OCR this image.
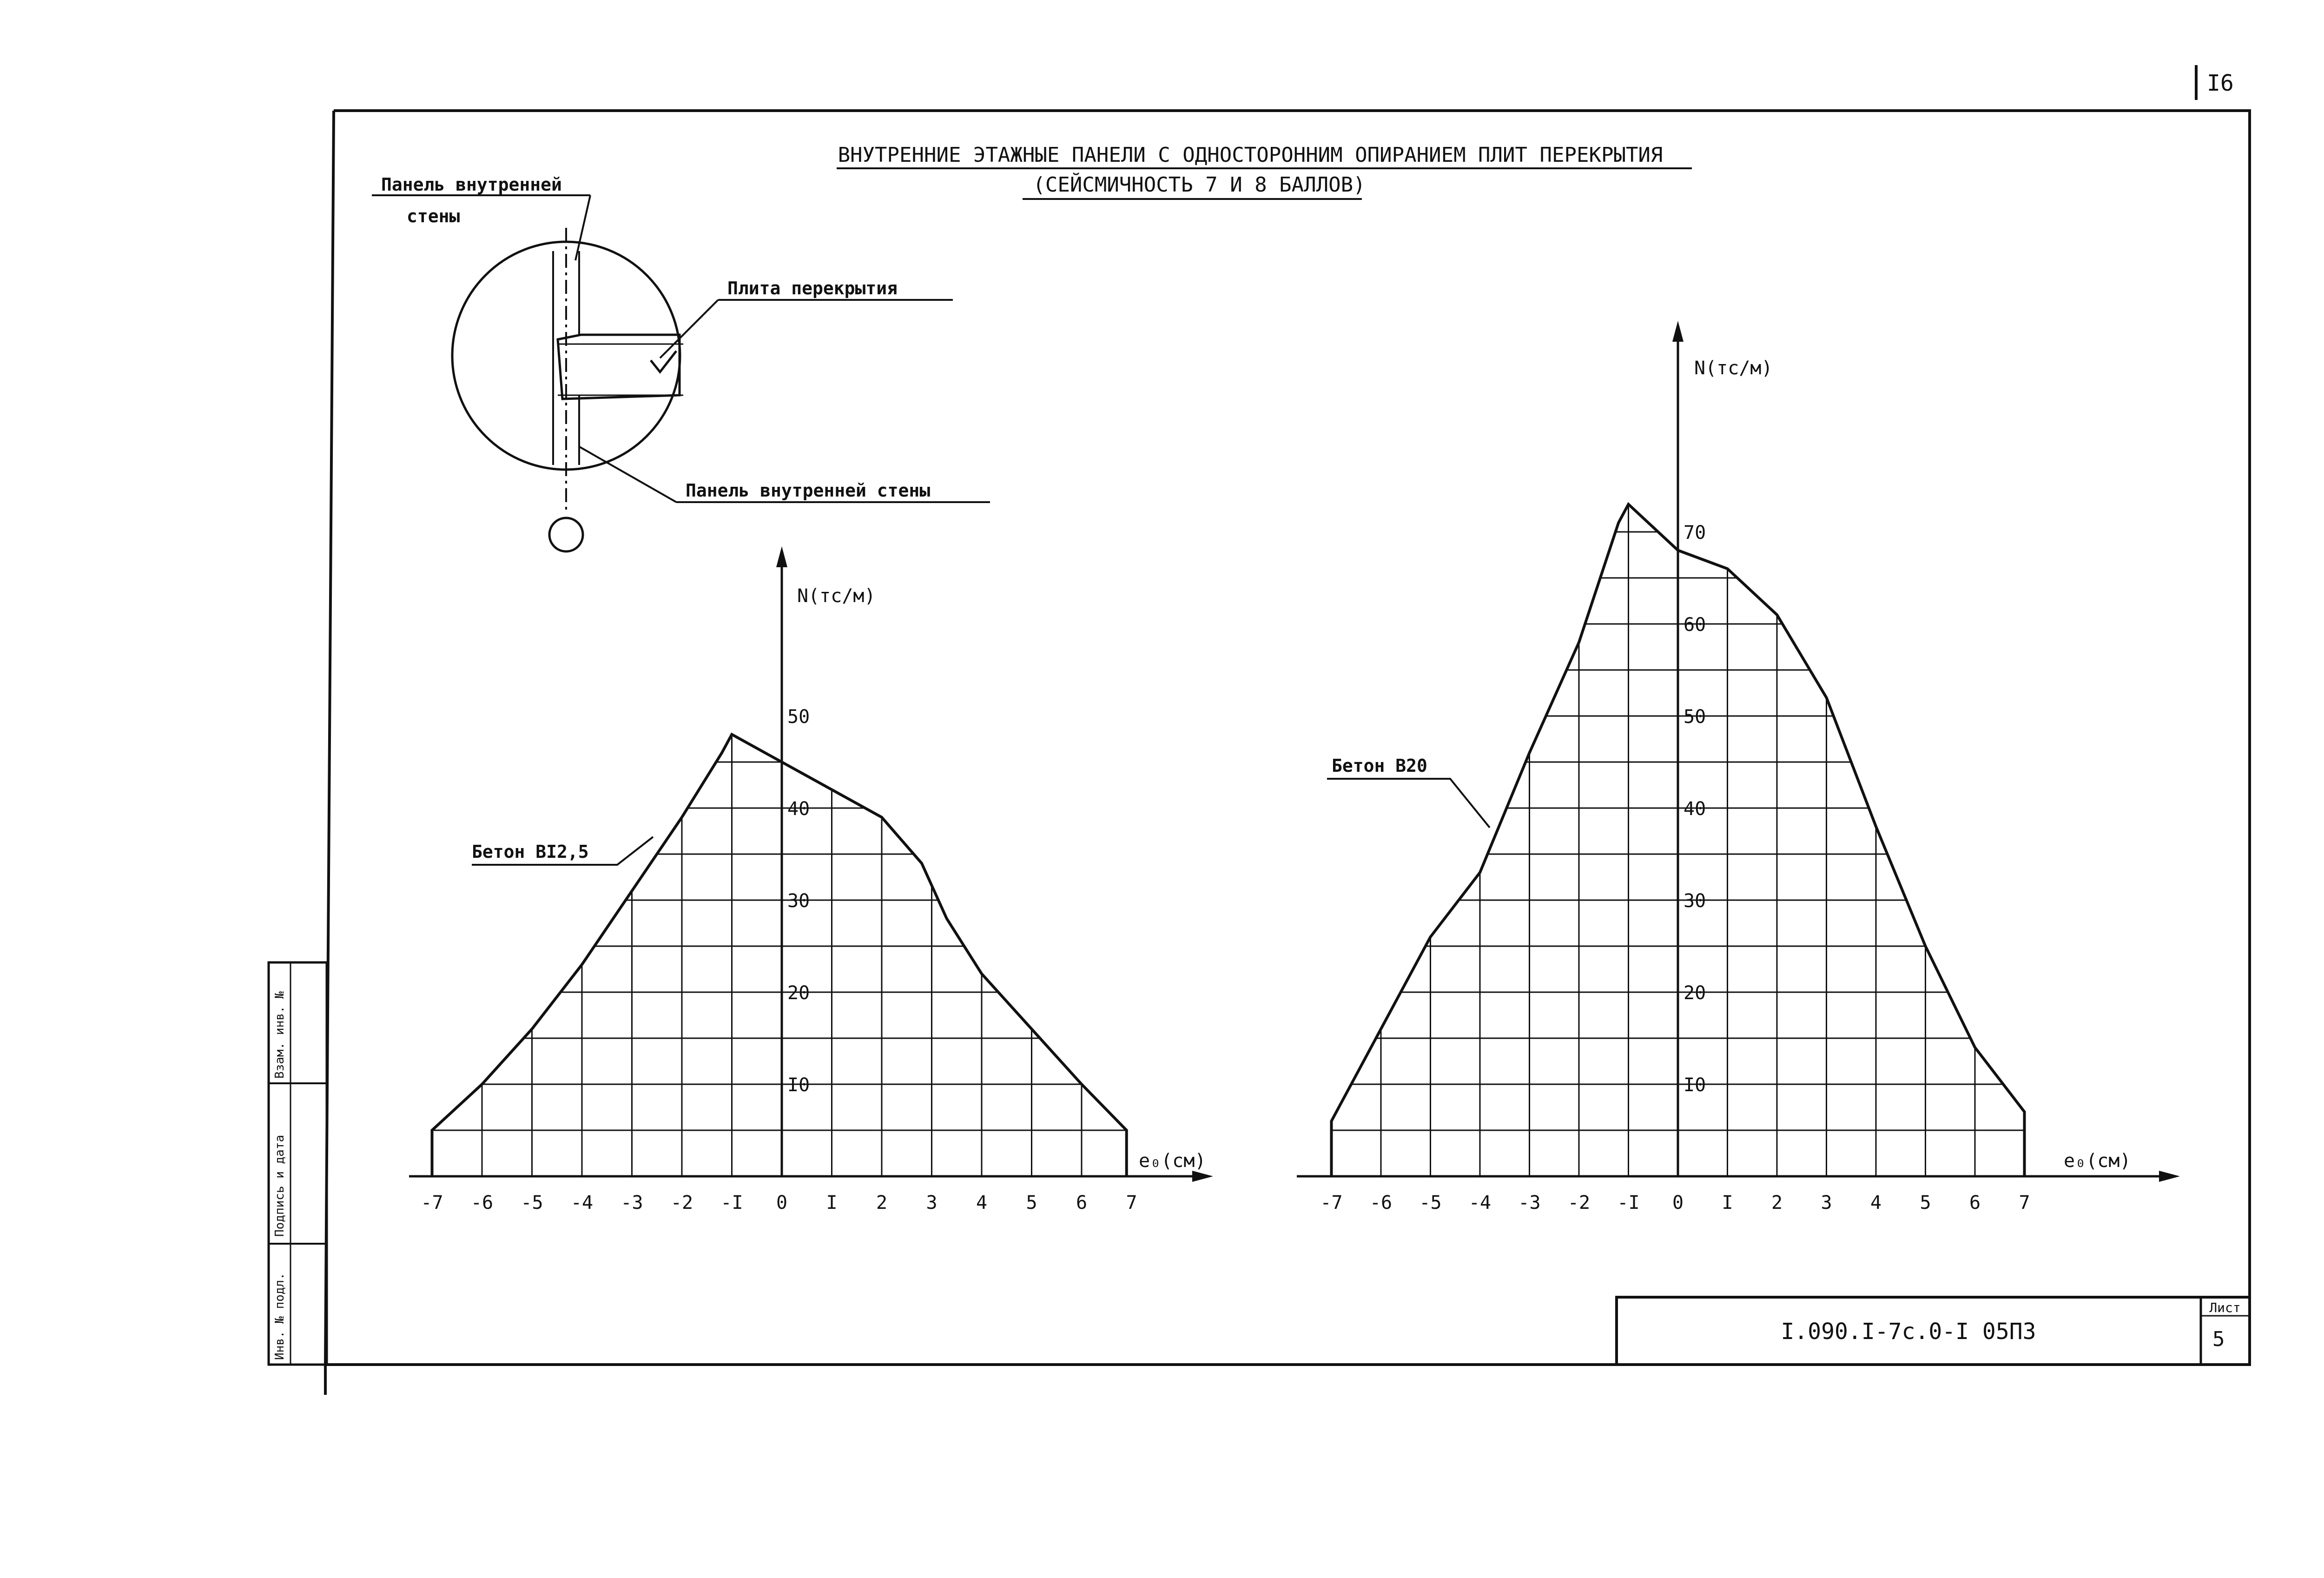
I6
ВНУТРЕННИЕ ЭТАЖНЫЕ ПАНЕЛИ С ОДНОСТОРОННИМ ОПИРАНИЕМ ПЛИТ ПЕРЕКРЫТИЯ
(СЕЙСМИЧНОСТЬ 7 И 8 БАЛЛОВ)
Панель внутренней
стены
Плита перекрытия
Панель внутренней стены
-7 -6 -5 -4 -3 -2 -I 0 I 2 3 4 5 6 7
I0
20
30
40
50
N(тс/м)
e₀(см)
Бетон BI2,5
-7 -6 -5 -4 -3 -2 -I 0 I 2 3 4 5 6 7
I0
20
30
40
50
60
70
N(тс/м)
e₀(см)
Бетон B20
Инв. № подл.
Подпись и дата
Взам. инв. №
I.090.I-7c.0-I 05ПЗ
Лист
5
